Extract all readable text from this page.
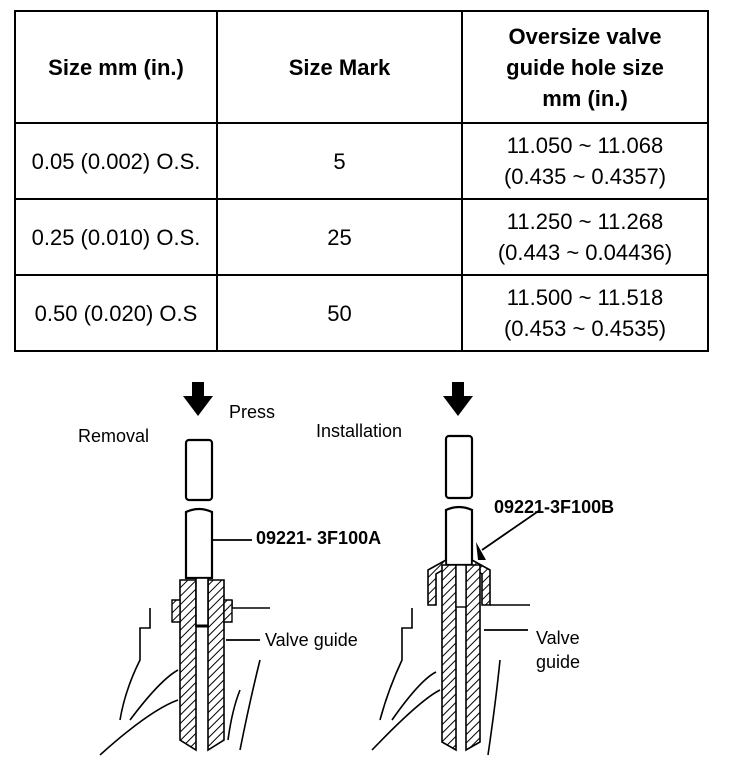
Size mm (in.)	Size Mark	Oversize valve
guide hole size
mm (in.)

0.05 (0.002) O.S.	5	11.050 ~ 11.068
(0.435 ~ 0.4357)

0.25 (0.010) O.S.	25	11.250 ~ 11.268
(0.443 ~ 0.04436)

0.50 (0.020) O.S	50	11.500 ~ 11.518
(0.453 ~ 0.4535)
Press
Removal
09221- 3F100A
Valve guide
Installation
09221-3F100B
Valve
guide
